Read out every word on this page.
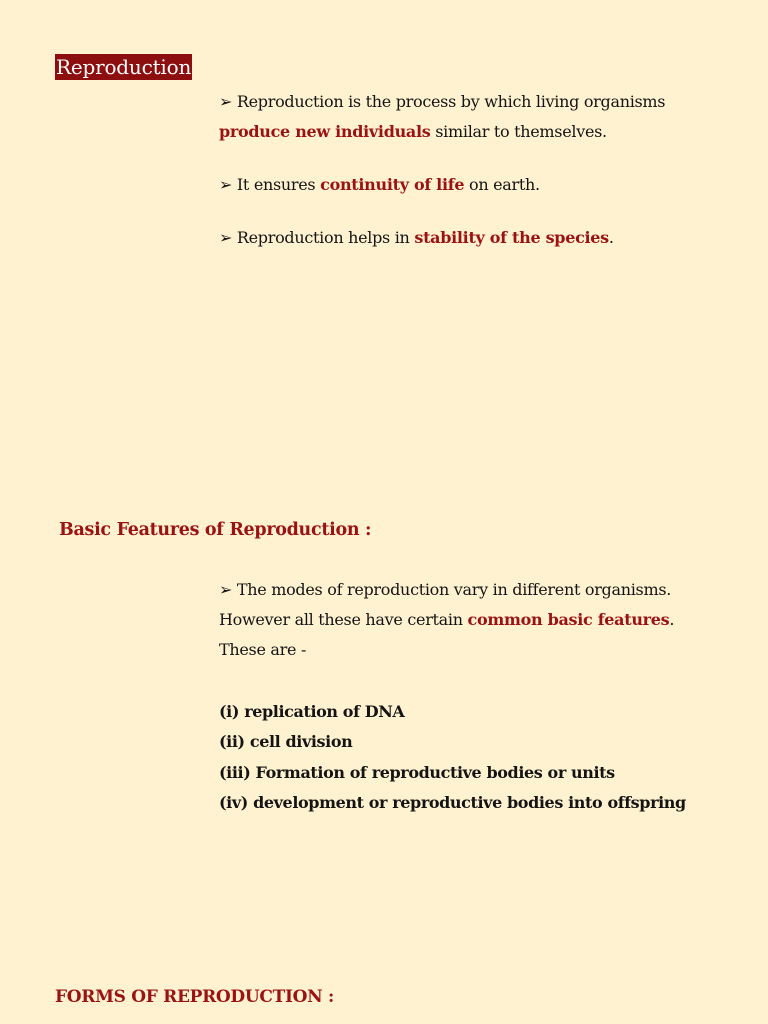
Reproduction
➢ Reproduction is the process by which living organisms
produce new individuals similar to themselves.
➢ It ensures continuity of life on earth.
➢ Reproduction helps in stability of the species.
Basic Features of Reproduction :
➢ The modes of reproduction vary in different organisms.
However all these have certain common basic features.
These are -
(i) replication of DNA
(ii) cell division
(iii) Formation of reproductive bodies or units
(iv) development or reproductive bodies into offspring
FORMS OF REPRODUCTION :
